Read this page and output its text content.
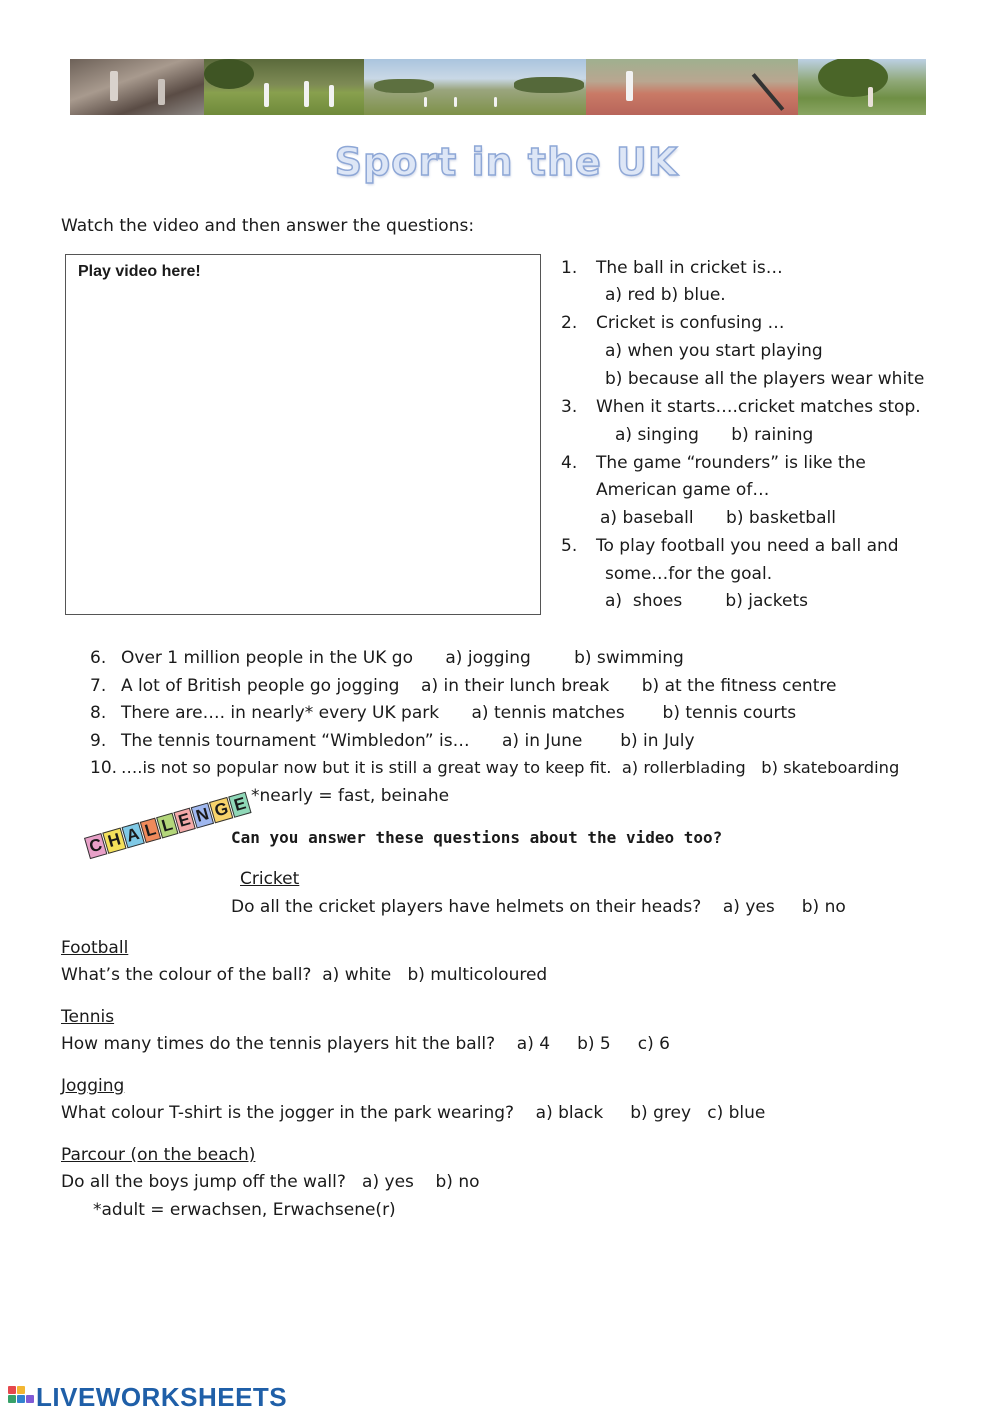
Sport in the UK
Watch the video and then answer the questions:
Play video here!	1. The ball in cricket is…
a) red b) blue.
2. Cricket is confusing …
a) when you start playing
b) because all the players wear white
3. When it starts….cricket matches stop.
a) singing      b) raining
4. The game “rounders” is like the
American game of…
a) baseball      b) basketball
5. To play football you need a ball and
some…for the goal.
a)  shoes        b) jackets
6. Over 1 million people in the UK go      a) jogging        b) swimming
7. A lot of British people go jogging    a) in their lunch break      b) at the fitness centre
8. There are…. in nearly* every UK park      a) tennis matches       b) tennis courts
9. The tennis tournament “Wimbledon” is…      a) in June       b) in July
10. ….is not so popular now but it is still a great way to keep fit.  a) rollerblading   b) skateboarding
*nearly = fast, beinahe
Can you answer these questions about the video too?
C H A L L E N G E
Cricket
Do all the cricket players have helmets on their heads?    a) yes     b) no
Football
What’s the colour of the ball?  a) white   b) multicoloured
Tennis
How many times do the tennis players hit the ball?    a) 4     b) 5     c) 6
Jogging
What colour T-shirt is the jogger in the park wearing?    a) black     b) grey   c) blue
Parcour (on the beach)
Do all the boys jump off the wall?   a) yes    b) no
*adult = erwachsen, Erwachsene(r)
LIVEWORKSHEETS
